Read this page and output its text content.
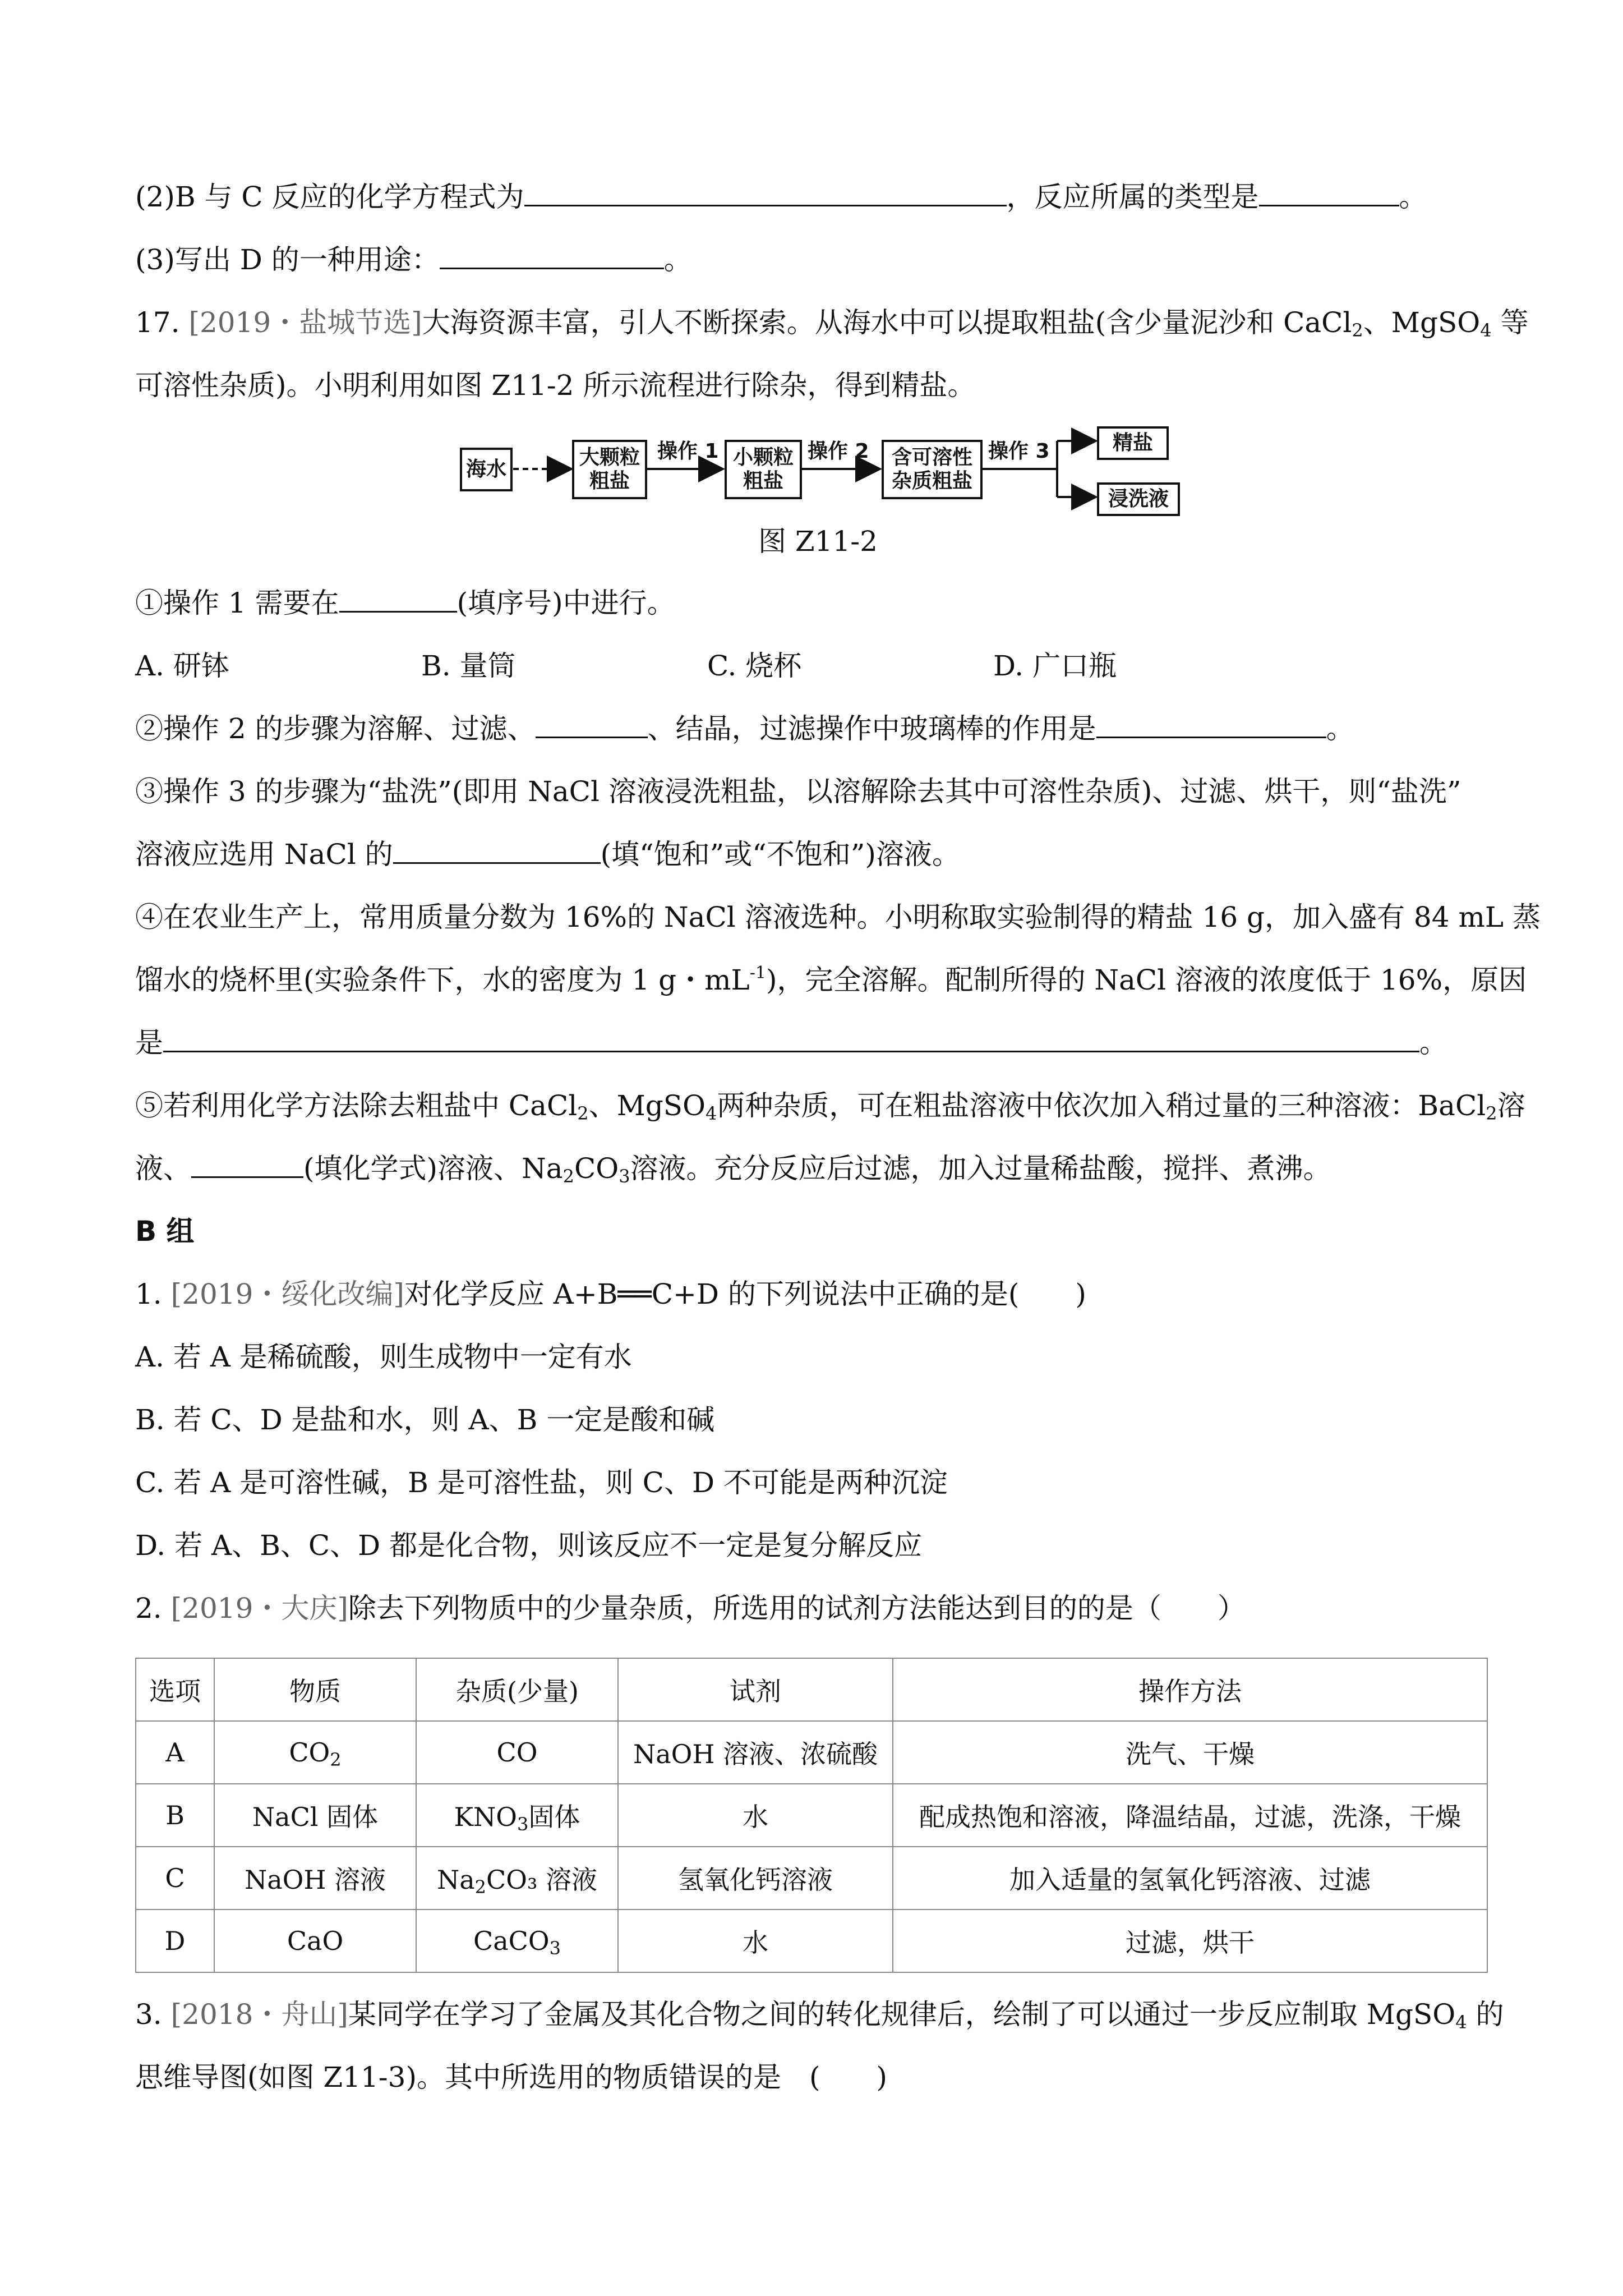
(2)B 与 C 反应的化学方程式为	，反应所属的类型是	。
(3)写出 D 的一种用途：	。
17. [2019・盐城节选]大海资源丰富，引人不断探索。从海水中可以提取粗盐(含少量泥沙和 CaCl$_2$、MgSO$_4$ 等
可溶性杂质)。小明利用如图 Z11-2 所示流程进行除杂，得到精盐。
海水
大颗粒
粗盐
操作 1 小颗粒
粗盐
操作 2 含可溶性
杂质粗盐
操作 3	精盐
浸洗液
图 Z11-2
①操作 1 需要在	(填序号)中进行。
A. 研钵	B. 量筒	C. 烧杯	D. 广口瓶
②操作 2 的步骤为溶解、过滤、	、结晶，过滤操作中玻璃棒的作用是	。
③操作 3 的步骤为“盐洗”(即用 NaCl 溶液浸洗粗盐，以溶解除去其中可溶性杂质)、过滤、烘干，则“盐洗”
溶液应选用 NaCl 的	(填“饱和”或“不饱和”)溶液。
④在农业生产上，常用质量分数为 16%的 NaCl 溶液选种。小明称取实验制得的精盐 16 g，加入盛有 84 mL 蒸
馏水的烧杯里(实验条件下，水的密度为 1 g・$mL^{-1}$)，完全溶解。配制所得的 NaCl 溶液的浓度低于 16%，原因
是	。
⑤若利用化学方法除去粗盐中 CaCl$_2$、MgSO$_4$两种杂质，可在粗盐溶液中依次加入稍过量的三种溶液：BaCl$_2$溶
液、	(填化学式)溶液、$Na_2CO_3$溶液。充分反应后过滤，加入过量稀盐酸，搅拌、煮沸。
B 组
1. [2019・绥化改编]对化学反应 A+B══C+D 的下列说法中正确的是(　　)
A. 若 A 是稀硫酸，则生成物中一定有水
B. 若 C、D 是盐和水，则 A、B 一定是酸和碱
C. 若 A 是可溶性碱，B 是可溶性盐，则 C、D 不可能是两种沉淀
D. 若 A、B、C、D 都是化合物，则该反应不一定是复分解反应
2. [2019・大庆]除去下列物质中的少量杂质，所选用的试剂方法能达到目的的是（　　）
选项	物质	杂质(少量)	试剂	操作方法
A	$CO_2$	CO	NaOH 溶液、浓硫酸	洗气、干燥
B	NaCl 固体	$KNO_3$固体	水	配成热饱和溶液，降温结晶，过滤，洗涤，干燥
C	NaOH 溶液	$Na_2CO_3$ 溶液	氢氧化钙溶液	加入适量的氢氧化钙溶液、过滤
D	CaO	CaCO$_3$	水	过滤，烘干
3. [2018・舟山]某同学在学习了金属及其化合物之间的转化规律后，绘制了可以通过一步反应制取 MgSO$_4$ 的
思维导图(如图 Z11-3)。其中所选用的物质错误的是　(　　)
